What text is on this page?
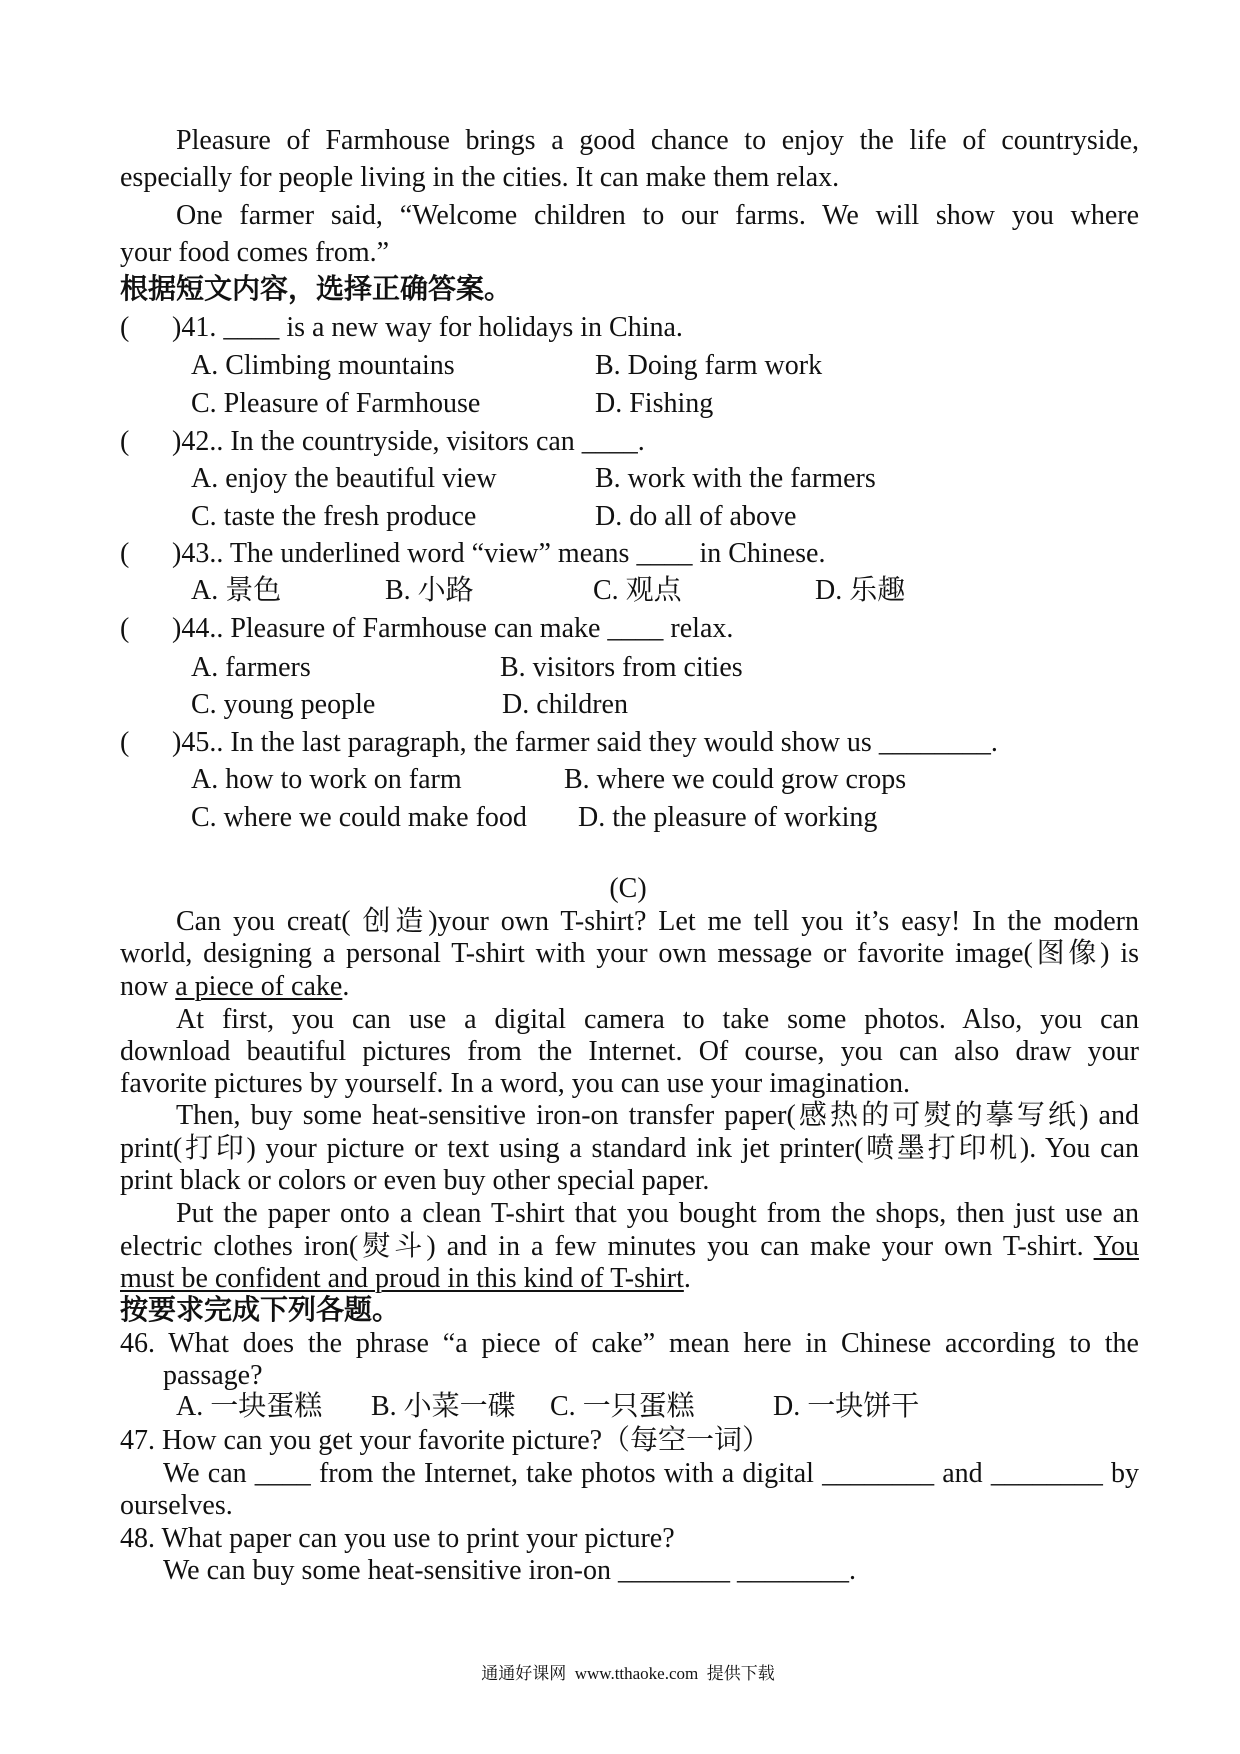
Pleasure of Farmhouse brings a good chance to enjoy the life of countryside,
especially for people living in the cities. It can make them relax.
One farmer said, “Welcome children to our farms. We will show you where
your food comes from.”
根据短文内容，选择正确答案。
( )41. ____ is a new way for holidays in China.
A. Climbing mountains	B. Doing farm work
C. Pleasure of Farmhouse	D. Fishing
( )42.. In the countryside, visitors can ____.
A. enjoy the beautiful view	B. work with the farmers
C. taste the fresh produce	D. do all of above
( )43.. The underlined word “view” means ____ in Chinese.
A. 景色	B. 小路	C. 观点	D. 乐趣
( )44.. Pleasure of Farmhouse can make ____ relax.
A. farmers	B. visitors from cities
C. young people	D. children
( )45.. In the last paragraph, the farmer said they would show us ________.
A. how to work on farm	B. where we could grow crops
C. where we could make food D. the pleasure of working
(C)
Can you creat( 创造)your own T-shirt? Let me tell you it’s easy! In the modern
world, designing a personal T-shirt with your own message or favorite image(图像) is
now a piece of cake.
At first, you can use a digital camera to take some photos. Also, you can
download beautiful pictures from the Internet. Of course, you can also draw your
favorite pictures by yourself. In a word, you can use your imagination.
Then, buy some heat-sensitive iron-on transfer paper(感热的可熨的摹写纸) and
print(打印) your picture or text using a standard ink jet printer(喷墨打印机). You can
print black or colors or even buy other special paper.
Put the paper onto a clean T-shirt that you bought from the shops, then just use an
electric clothes iron(熨斗) and in a few minutes you can make your own T-shirt. You
must be confident and proud in this kind of T-shirt.
按要求完成下列各题。
46. What does the phrase “a piece of cake” mean here in Chinese according to the
passage?
A. 一块蛋糕 B. 小菜一碟 C. 一只蛋糕	D. 一块饼干
47. How can you get your favorite picture?（每空一词）
We can ____ from the Internet, take photos with a digital ________ and ________ by
ourselves.
48. What paper can you use to print your picture?
We can buy some heat-sensitive iron-on ________ ________.
通通好课网  www.tthaoke.com  提供下载
